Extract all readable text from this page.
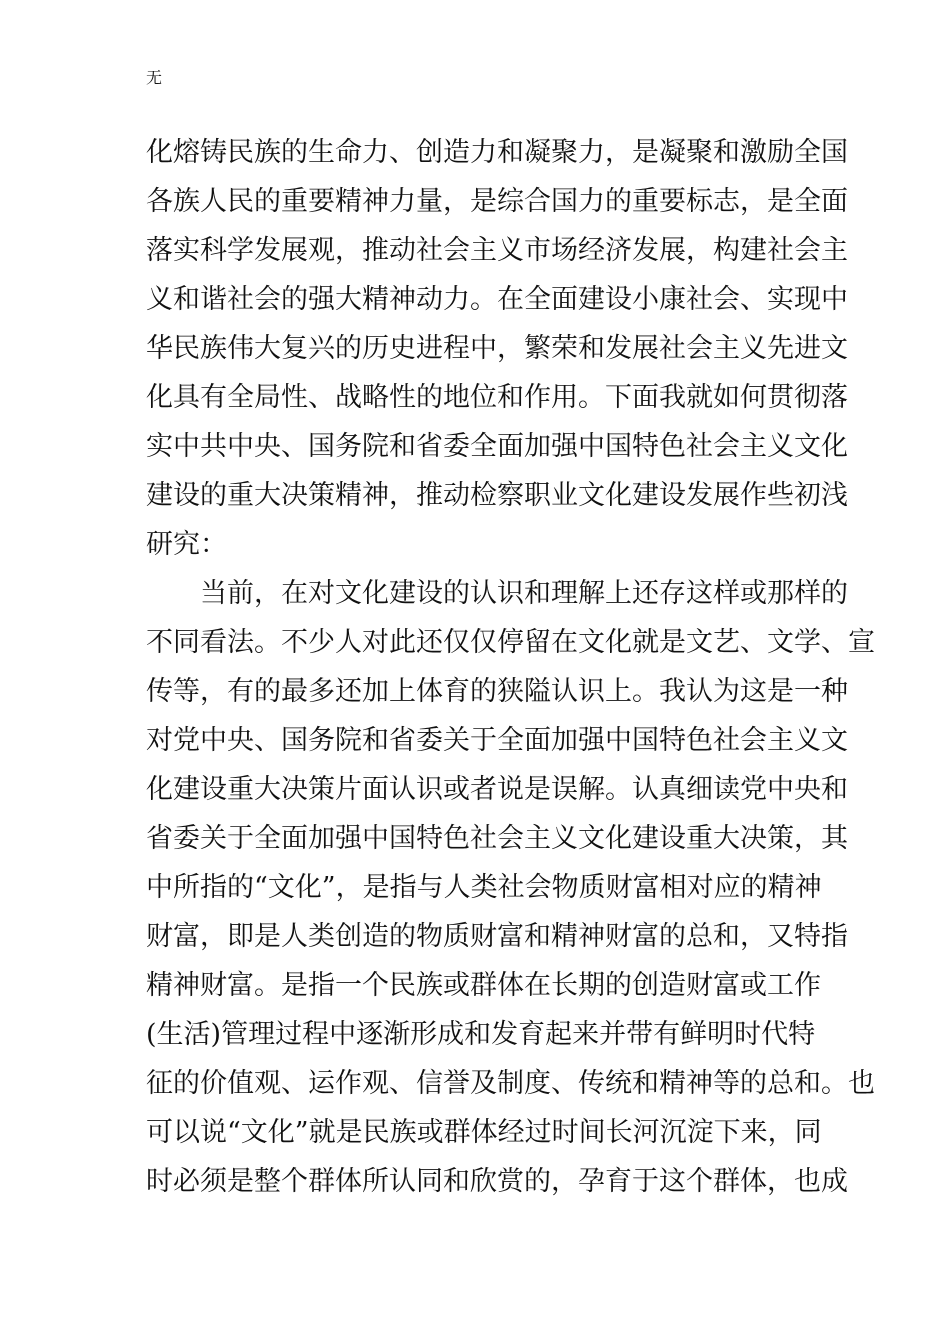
无
化熔铸民族的生命力、创造力和凝聚力，是凝聚和激励全国
各族人民的重要精神力量，是综合国力的重要标志，是全面
落实科学发展观，推动社会主义市场经济发展，构建社会主
义和谐社会的强大精神动力。在全面建设小康社会、实现中
华民族伟大复兴的历史进程中，繁荣和发展社会主义先进文
化具有全局性、战略性的地位和作用。下面我就如何贯彻落
实中共中央、国务院和省委全面加强中国特色社会主义文化
建设的重大决策精神，推动检察职业文化建设发展作些初浅
研究：
当前，在对文化建设的认识和理解上还存这样或那样的
不同看法。不少人对此还仅仅停留在文化就是文艺、文学、宣
传等，有的最多还加上体育的狭隘认识上。我认为这是一种
对党中央、国务院和省委关于全面加强中国特色社会主义文
化建设重大决策片面认识或者说是误解。认真细读党中央和
省委关于全面加强中国特色社会主义文化建设重大决策，其
中所指的“文化”，是指与人类社会物质财富相对应的精神
财富，即是人类创造的物质财富和精神财富的总和，又特指
精神财富。是指一个民族或群体在长期的创造财富或工作
(生活)管理过程中逐渐形成和发育起来并带有鲜明时代特
征的价值观、运作观、信誉及制度、传统和精神等的总和。也
可以说“文化”就是民族或群体经过时间长河沉淀下来，同
时必须是整个群体所认同和欣赏的，孕育于这个群体，也成
